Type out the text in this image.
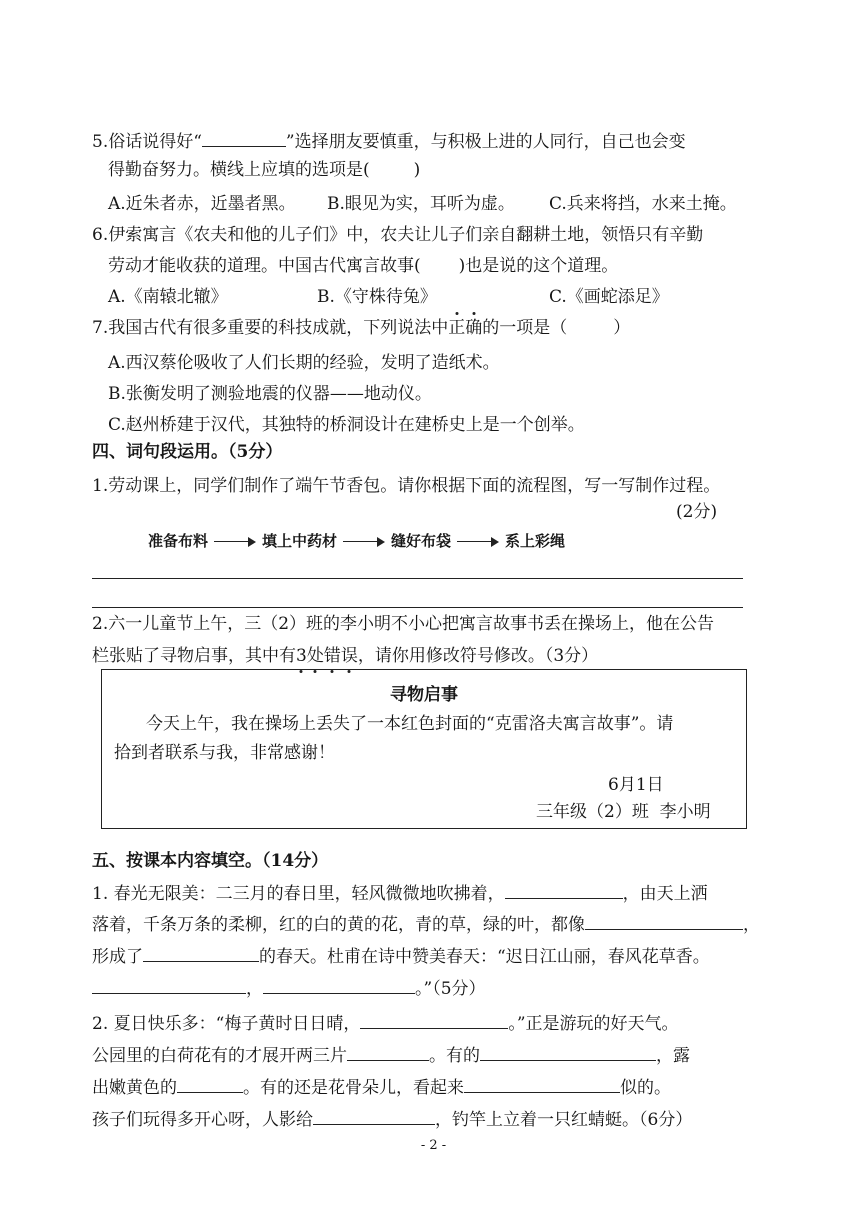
5.俗话说得好“	”选择朋友要慎重，与积极上进的人同行，自己也会变
得勤奋努力。横线上应填的选项是(	)
A.近朱者赤，近墨者黑。 B.眼见为实，耳听为虚。 C.兵来将挡，水来土掩。
6.伊索寓言《农夫和他的儿子们》中，农夫让儿子们亲自翻耕土地，领悟只有辛勤
劳动才能收获的道理。中国古代寓言故事( )也是说的这个道理。
A.《南辕北辙》	B.《守株待兔》	C.《画蛇添足》
7.我国古代有很多重要的科技成就，下列说法中正确的一项是（	）
A.西汉蔡伦吸收了人们长期的经验，发明了造纸术。
B.张衡发明了测验地震的仪器——地动仪。
C.赵州桥建于汉代，其独特的桥洞设计在建桥史上是一个创举。
四、词句段运用。（5分）
1.劳动课上，同学们制作了端午节香包。请你根据下面的流程图，写一写制作过程。
(2分)
准备布料	填上中药材	缝好布袋	系上彩绳
2.六一儿童节上午，三（2）班的李小明不小心把寓言故事书丢在操场上，他在公告
栏张贴了寻物启事，其中有3处错误，请你用修改符号修改。（3分）
寻物启事
今天上午，我在操场上丢失了一本红色封面的“克雷洛夫寓言故事”。请
拾到者联系与我，非常感谢！
6月1日
三年级（2）班  李小明
五、按课本内容填空。（14分）
1. 春光无限美：二三月的春日里，轻风微微地吹拂着，	，由天上洒
落着，千条万条的柔柳，红的白的黄的花，青的草，绿的叶，都像	，
形成了	的春天。杜甫在诗中赞美春天：“迟日江山丽，春风花草香。
，	。”（5分）
2. 夏日快乐多：“梅子黄时日日晴，	。”正是游玩的好天气。
公园里的白荷花有的才展开两三片	。有的	，露
出嫩黄色的	。有的还是花骨朵儿，看起来	似的。
孩子们玩得多开心呀，人影给	，钓竿上立着一只红蜻蜓。（6分）
- 2 -
